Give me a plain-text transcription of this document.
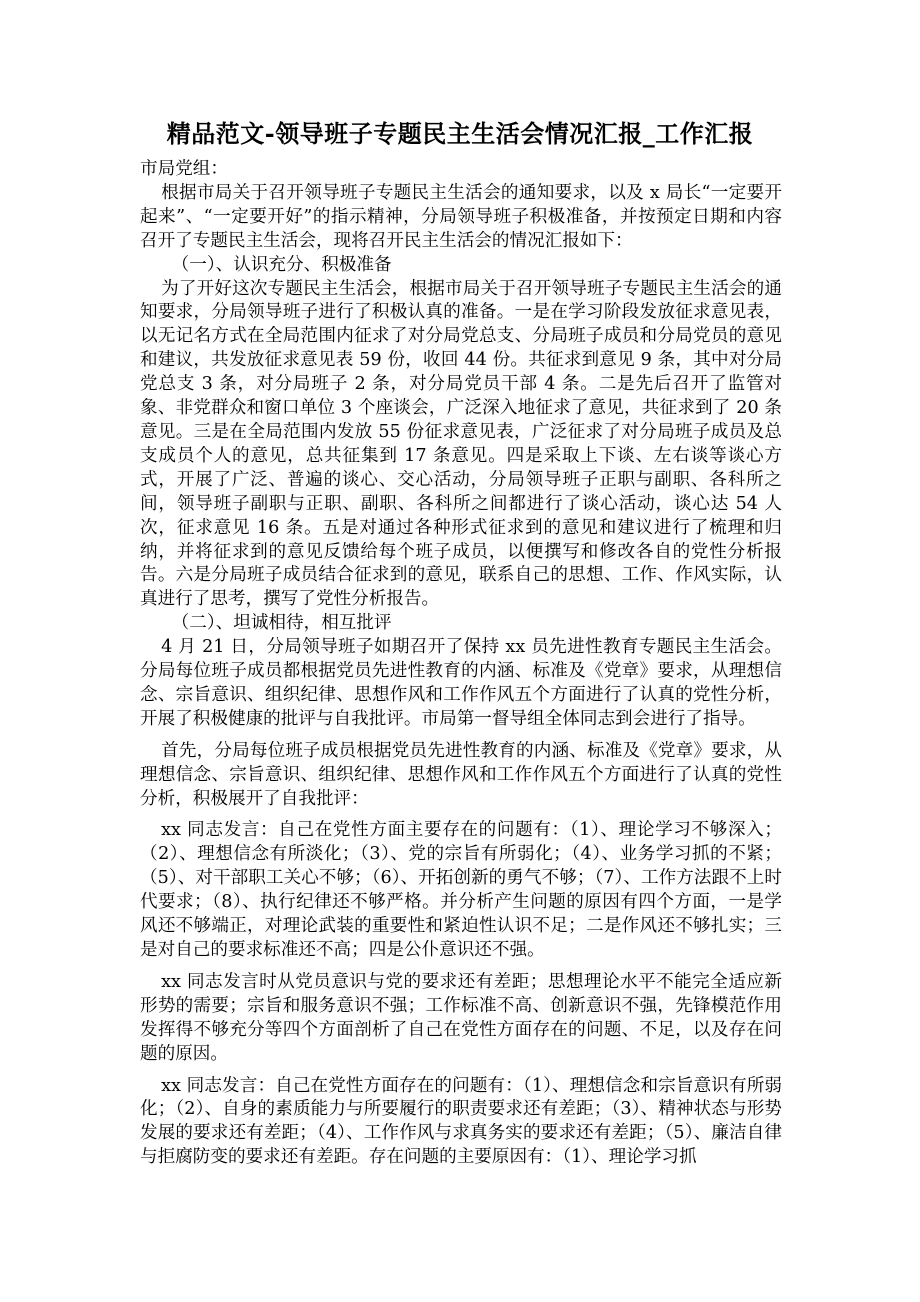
精品范文-领导班子专题民主生活会情况汇报_工作汇报

市局党组：

根据市局关于召开领导班子专题民主生活会的通知要求，以及 x 局长“一定要开起来”、“一定要开好”的指示精神，分局领导班子积极准备，并按预定日期和内容召开了专题民主生活会，现将召开民主生活会的情况汇报如下：

（一）、认识充分、积极准备

为了开好这次专题民主生活会，根据市局关于召开领导班子专题民主生活会的通知要求，分局领导班子进行了积极认真的准备。一是在学习阶段发放征求意见表，以无记名方式在全局范围内征求了对分局党总支、分局班子成员和分局党员的意见和建议，共发放征求意见表 59 份，收回 44 份。共征求到意见 9 条，其中对分局党总支 3 条，对分局班子 2 条，对分局党员干部 4 条。二是先后召开了监管对象、非党群众和窗口单位 3 个座谈会，广泛深入地征求了意见，共征求到了 20 条意见。三是在全局范围内发放 55 份征求意见表，广泛征求了对分局班子成员及总支成员个人的意见，总共征集到 17 条意见。四是采取上下谈、左右谈等谈心方式，开展了广泛、普遍的谈心、交心活动，分局领导班子正职与副职、各科所之间，领导班子副职与正职、副职、各科所之间都进行了谈心活动，谈心达 54 人次，征求意见 16 条。五是对通过各种形式征求到的意见和建议进行了梳理和归纳，并将征求到的意见反馈给每个班子成员，以便撰写和修改各自的党性分析报告。六是分局班子成员结合征求到的意见，联系自己的思想、工作、作风实际，认真进行了思考，撰写了党性分析报告。

（二）、坦诚相待，相互批评

4 月 21 日，分局领导班子如期召开了保持 xx 员先进性教育专题民主生活会。分局每位班子成员都根据党员先进性教育的内涵、标准及《党章》要求，从理想信念、宗旨意识、组织纪律、思想作风和工作作风五个方面进行了认真的党性分析，开展了积极健康的批评与自我批评。市局第一督导组全体同志到会进行了指导。

首先，分局每位班子成员根据党员先进性教育的内涵、标准及《党章》要求，从理想信念、宗旨意识、组织纪律、思想作风和工作作风五个方面进行了认真的党性分析，积极展开了自我批评：

xx 同志发言：自己在党性方面主要存在的问题有：（1）、理论学习不够深入；（2）、理想信念有所淡化；（3）、党的宗旨有所弱化；（4）、业务学习抓的不紧；（5）、对干部职工关心不够；（6）、开拓创新的勇气不够；（7）、工作方法跟不上时代要求；（8）、执行纪律还不够严格。并分析产生问题的原因有四个方面，一是学风还不够端正，对理论武装的重要性和紧迫性认识不足；二是作风还不够扎实；三是对自己的要求标准还不高；四是公仆意识还不强。

xx 同志发言时从党员意识与党的要求还有差距；思想理论水平不能完全适应新形势的需要；宗旨和服务意识不强；工作标准不高、创新意识不强，先锋模范作用发挥得不够充分等四个方面剖析了自己在党性方面存在的问题、不足，以及存在问题的原因。

xx 同志发言：自己在党性方面存在的问题有：（1）、理想信念和宗旨意识有所弱化；（2）、自身的素质能力与所要履行的职责要求还有差距；（3）、精神状态与形势发展的要求还有差距；（4）、工作作风与求真务实的要求还有差距；（5）、廉洁自律与拒腐防变的要求还有差距。存在问题的主要原因有：（1）、理论学习抓
